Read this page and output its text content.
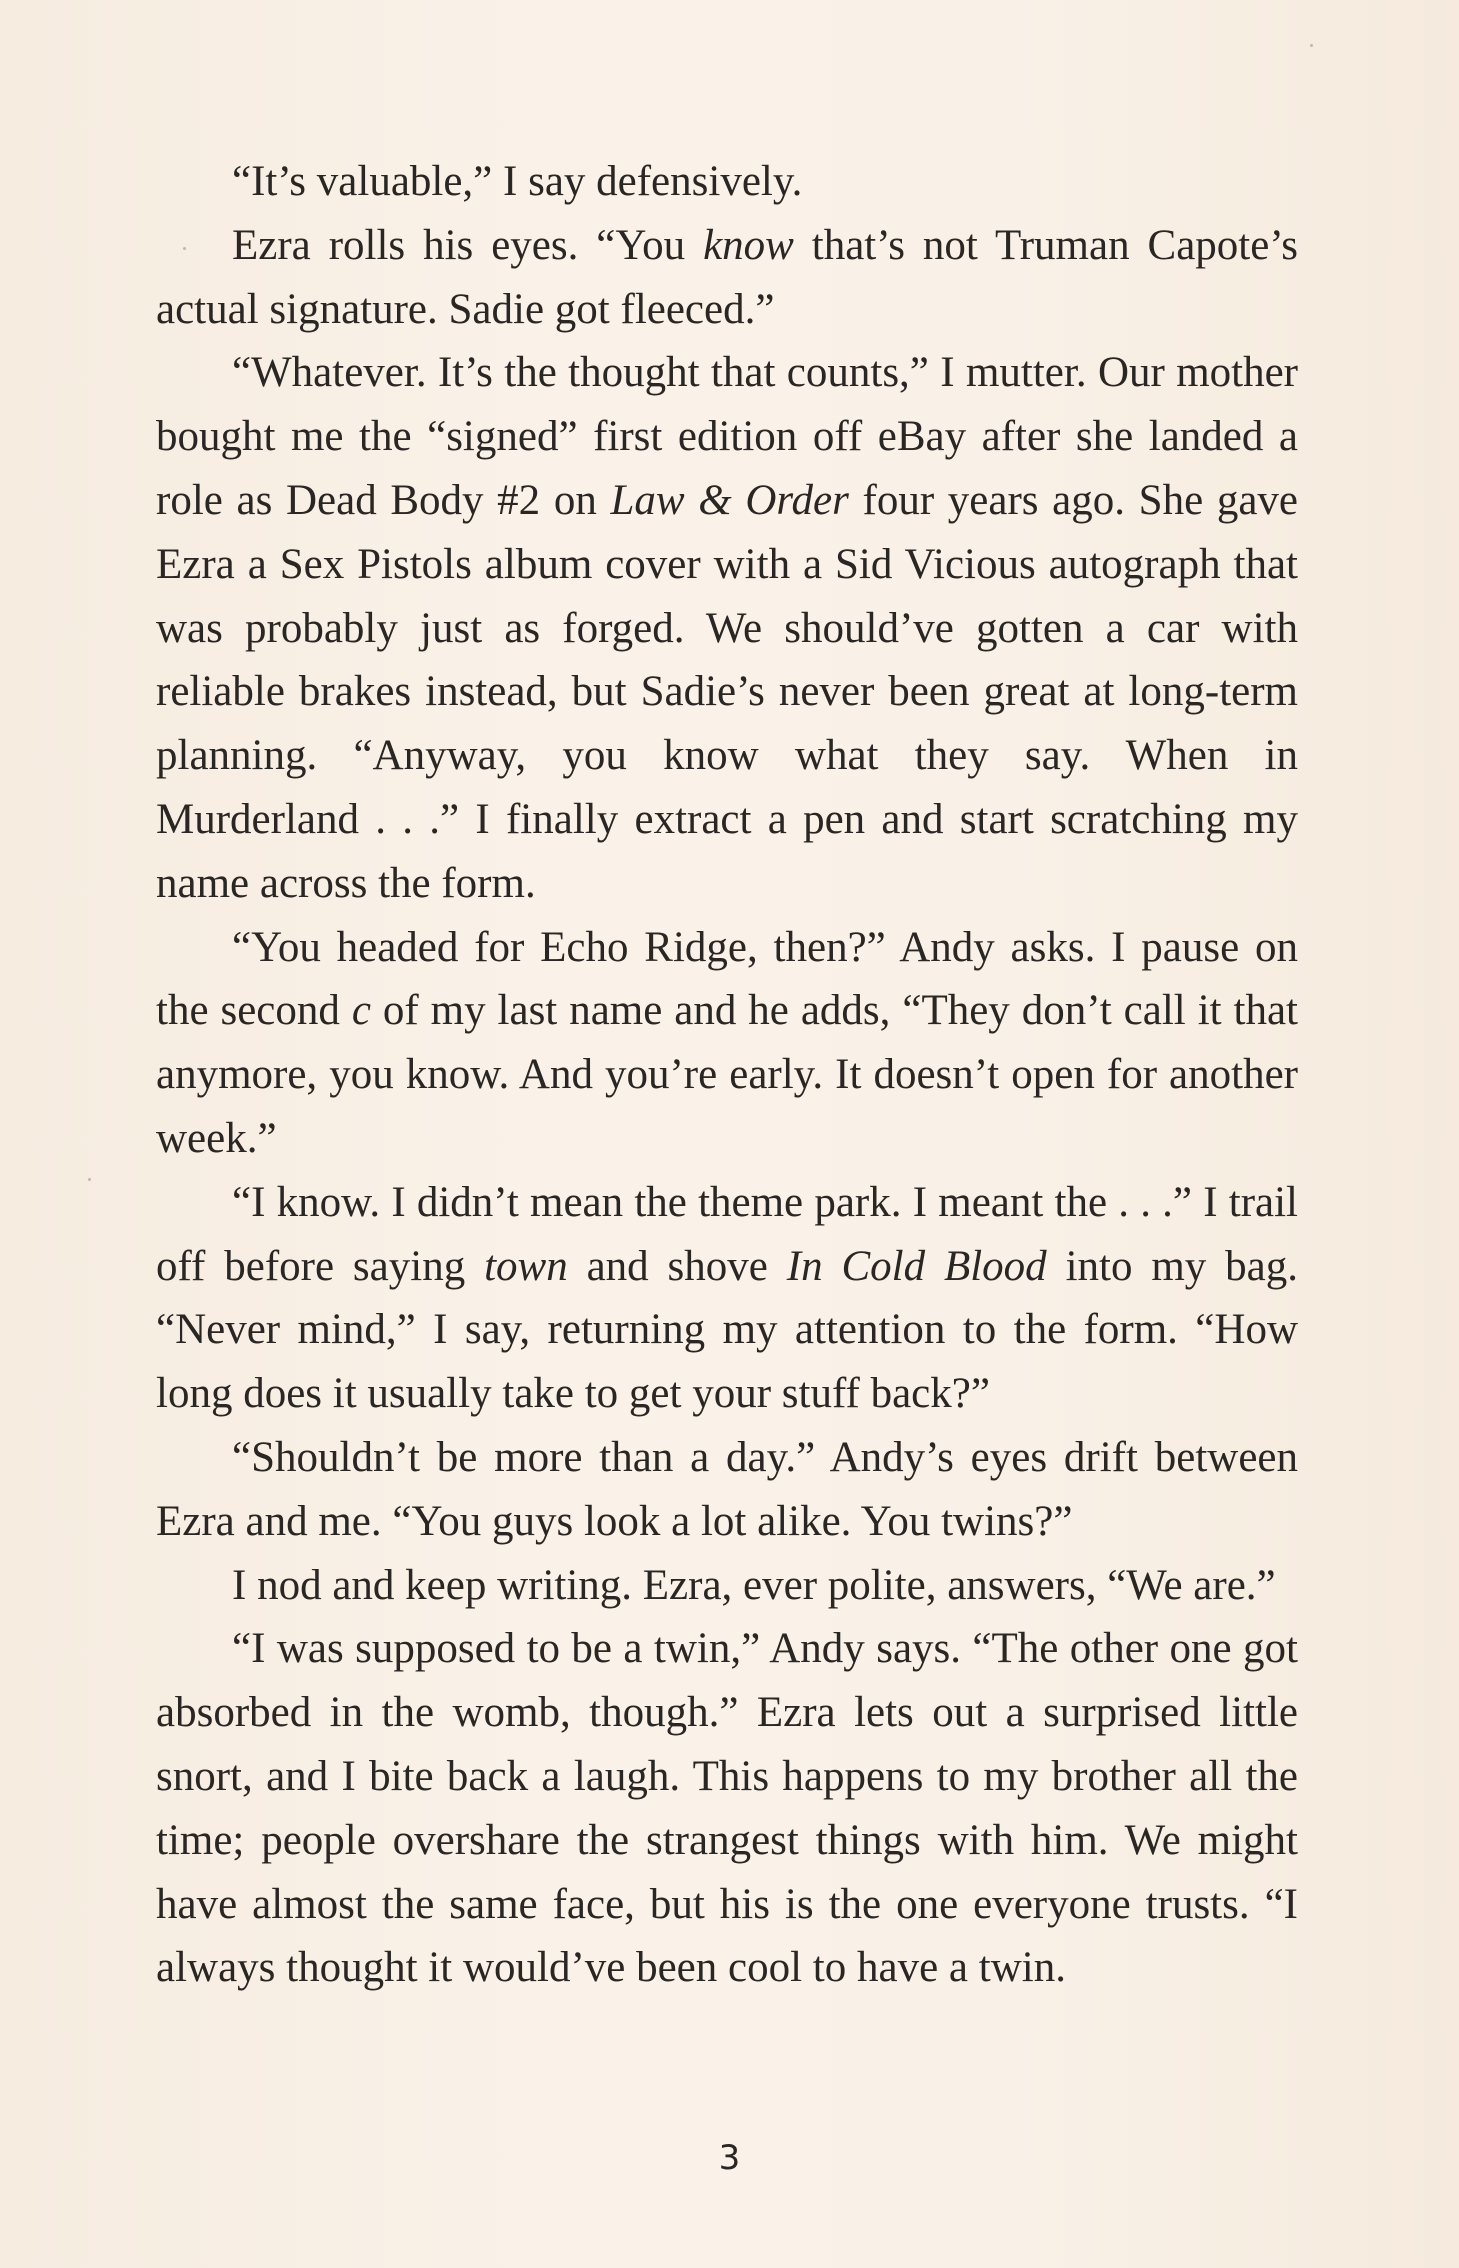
“It’s valuable,” I say defensively.

Ezra rolls his eyes. “You know that’s not Truman Capote’s actual signature. Sadie got fleeced.”

“Whatever. It’s the thought that counts,” I mutter. Our mother bought me the “signed” first edition off eBay after she landed a role as Dead Body #2 on Law & Order four years ago. She gave Ezra a Sex Pistols album cover with a Sid Vicious autograph that was probably just as forged. We should’ve gotten a car with reliable brakes instead, but Sadie’s never been great at long-term planning. “Anyway, you know what they say. When in Murderland . . .” I finally extract a pen and start scratching my name across the form.

“You headed for Echo Ridge, then?” Andy asks. I pause on the second c of my last name and he adds, “They don’t call it that anymore, you know. And you’re early. It doesn’t open for another week.”

“I know. I didn’t mean the theme park. I meant the . . .” I trail off before saying town and shove In Cold Blood into my bag. “Never mind,” I say, returning my attention to the form. “How long does it usually take to get your stuff back?”

“Shouldn’t be more than a day.” Andy’s eyes drift between Ezra and me. “You guys look a lot alike. You twins?”

I nod and keep writing. Ezra, ever polite, answers, “We are.”

“I was supposed to be a twin,” Andy says. “The other one got absorbed in the womb, though.” Ezra lets out a surprised little snort, and I bite back a laugh. This happens to my brother all the time; people overshare the strangest things with him. We might have almost the same face, but his is the one everyone trusts. “I always thought it would’ve been cool to have a twin.

3
